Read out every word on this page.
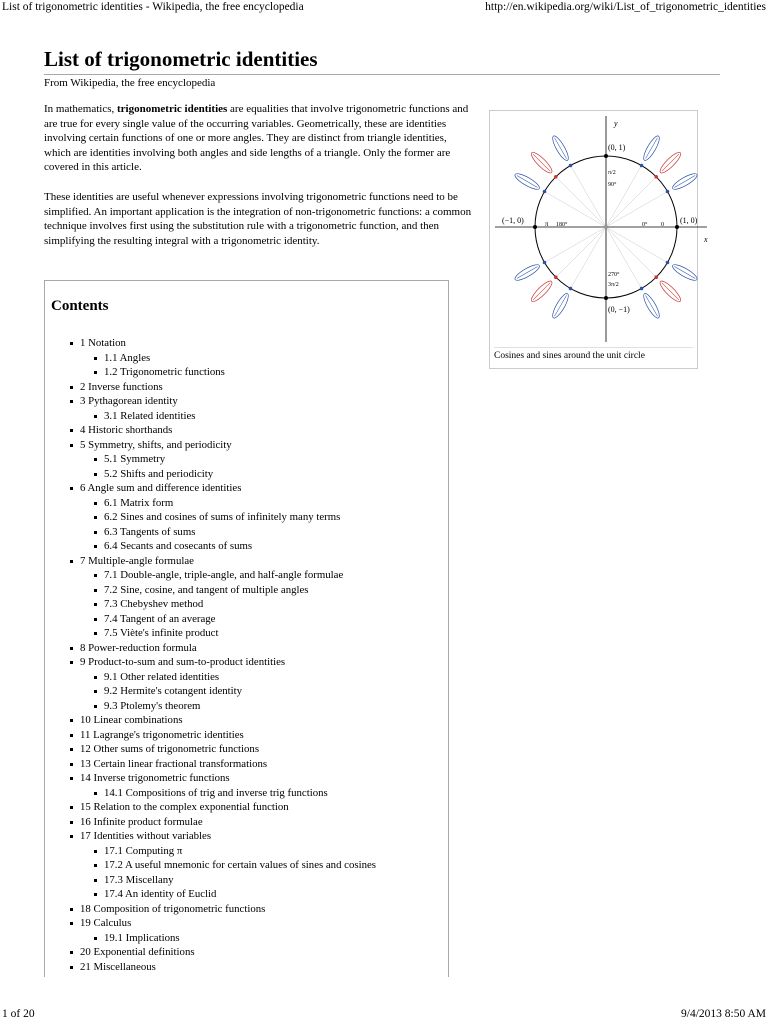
List of trigonometric identities - Wikipedia, the free encyclopedia	http://en.wikipedia.org/wiki/List_of_trigonometric_identities
List of trigonometric identities
From Wikipedia, the free encyclopedia
In mathematics, trigonometric identities are equalities that involve trigonometric functions and are true for every single value of the occurring variables. Geometrically, these are identities involving certain functions of one or more angles. They are distinct from triangle identities, which are identities involving both angles and side lengths of a triangle. Only the former are covered in this article.
These identities are useful whenever expressions involving trigonometric functions need to be simplified. An important application is the integration of non-trigonometric functions: a common technique involves first using the substitution rule with a trigonometric function, and then simplifying the resulting integral with a trigonometric identity.	x
y
(0, 1)
(0, −1)
(−1, 0)	(1, 0)
π 180°	0° 0
90°
π/2
270°
3π/2
Cosines and sines around the unit circle
Contents
1 Notation
1.1 Angles
1.2 Trigonometric functions
2 Inverse functions
3 Pythagorean identity
3.1 Related identities
4 Historic shorthands
5 Symmetry, shifts, and periodicity
5.1 Symmetry
5.2 Shifts and periodicity
6 Angle sum and difference identities
6.1 Matrix form
6.2 Sines and cosines of sums of infinitely many terms
6.3 Tangents of sums
6.4 Secants and cosecants of sums
7 Multiple-angle formulae
7.1 Double-angle, triple-angle, and half-angle formulae
7.2 Sine, cosine, and tangent of multiple angles
7.3 Chebyshev method
7.4 Tangent of an average
7.5 Viète's infinite product
8 Power-reduction formula
9 Product-to-sum and sum-to-product identities
9.1 Other related identities
9.2 Hermite's cotangent identity
9.3 Ptolemy's theorem
10 Linear combinations
11 Lagrange's trigonometric identities
12 Other sums of trigonometric functions
13 Certain linear fractional transformations
14 Inverse trigonometric functions
14.1 Compositions of trig and inverse trig functions
15 Relation to the complex exponential function
16 Infinite product formulae
17 Identities without variables
17.1 Computing π
17.2 A useful mnemonic for certain values of sines and cosines
17.3 Miscellany
17.4 An identity of Euclid
18 Composition of trigonometric functions
19 Calculus
19.1 Implications
20 Exponential definitions
21 Miscellaneous
1 of 20	9/4/2013 8:50 AM
